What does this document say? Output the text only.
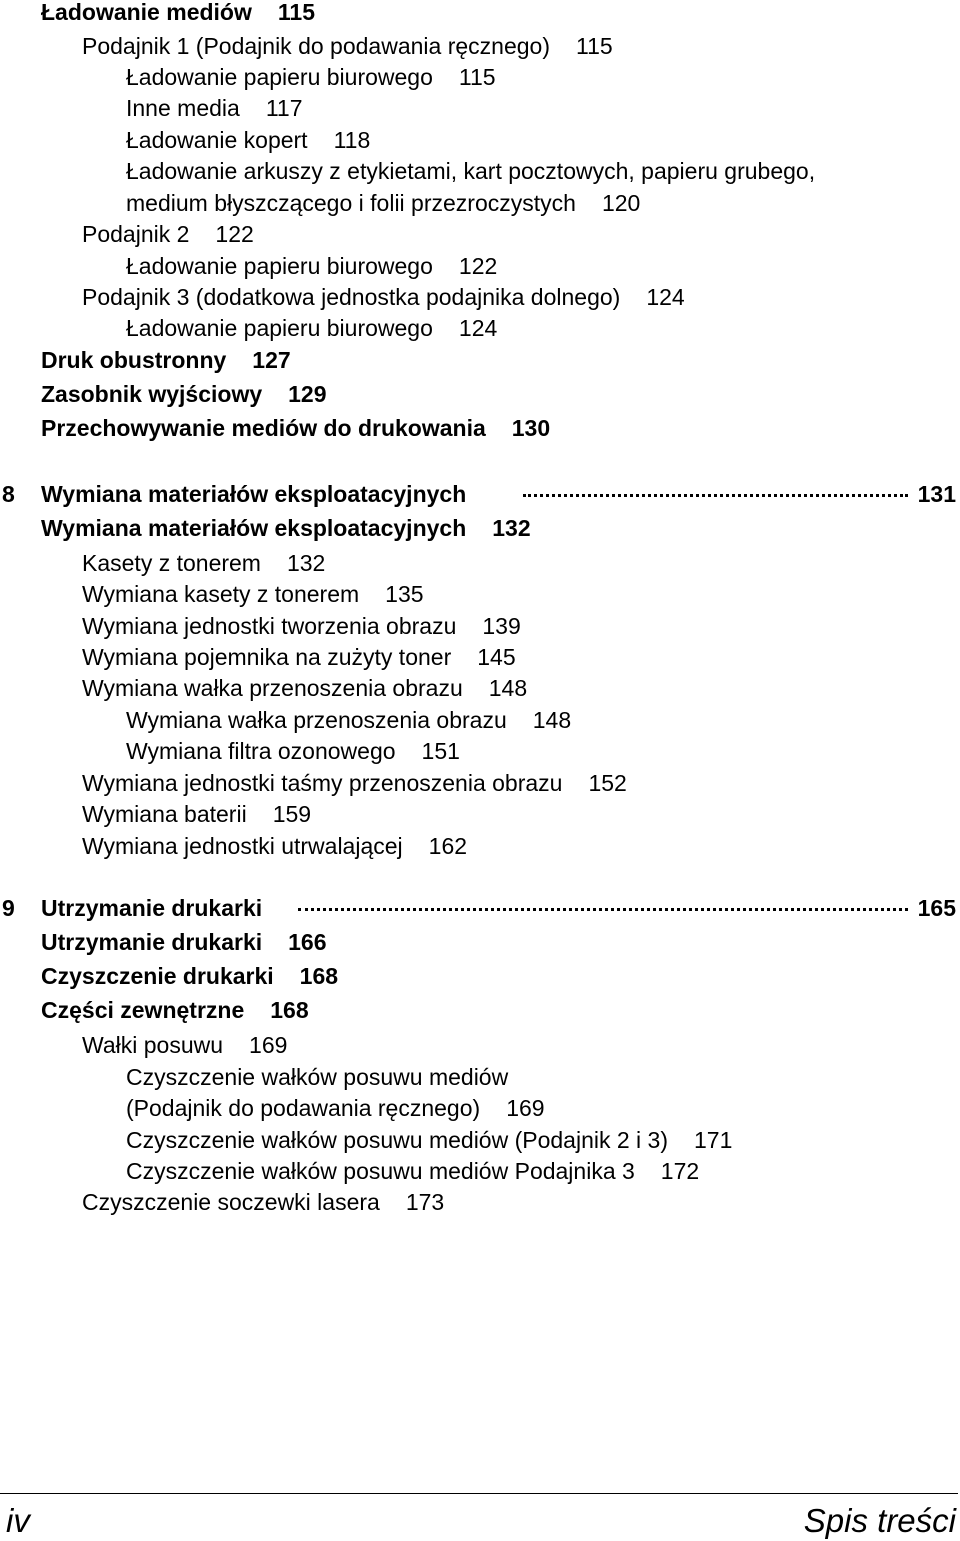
Ładowanie mediów 115
Podajnik 1 (Podajnik do podawania ręcznego) 115
Ładowanie papieru biurowego 115
Inne media 117
Ładowanie kopert 118
Ładowanie arkuszy z etykietami, kart pocztowych, papieru grubego,
medium błyszczącego i folii przezroczystych 120
Podajnik 2 122
Ładowanie papieru biurowego 122
Podajnik 3 (dodatkowa jednostka podajnika dolnego) 124
Ładowanie papieru biurowego 124
Druk obustronny 127
Zasobnik wyjściowy 129
Przechowywanie mediów do drukowania 130
8 Wymiana materiałów eksploatacyjnych	131
Wymiana materiałów eksploatacyjnych 132
Kasety z tonerem 132
Wymiana kasety z tonerem 135
Wymiana jednostki tworzenia obrazu 139
Wymiana pojemnika na zużyty toner 145
Wymiana wałka przenoszenia obrazu 148
Wymiana wałka przenoszenia obrazu 148
Wymiana filtra ozonowego 151
Wymiana jednostki taśmy przenoszenia obrazu 152
Wymiana baterii 159
Wymiana jednostki utrwalającej 162
9 Utrzymanie drukarki	165
Utrzymanie drukarki 166
Czyszczenie drukarki 168
Części zewnętrzne 168
Wałki posuwu 169
Czyszczenie wałków posuwu mediów
(Podajnik do podawania ręcznego) 169
Czyszczenie wałków posuwu mediów (Podajnik 2 i 3) 171
Czyszczenie wałków posuwu mediów Podajnika 3 172
Czyszczenie soczewki lasera 173
iv	Spis treści
